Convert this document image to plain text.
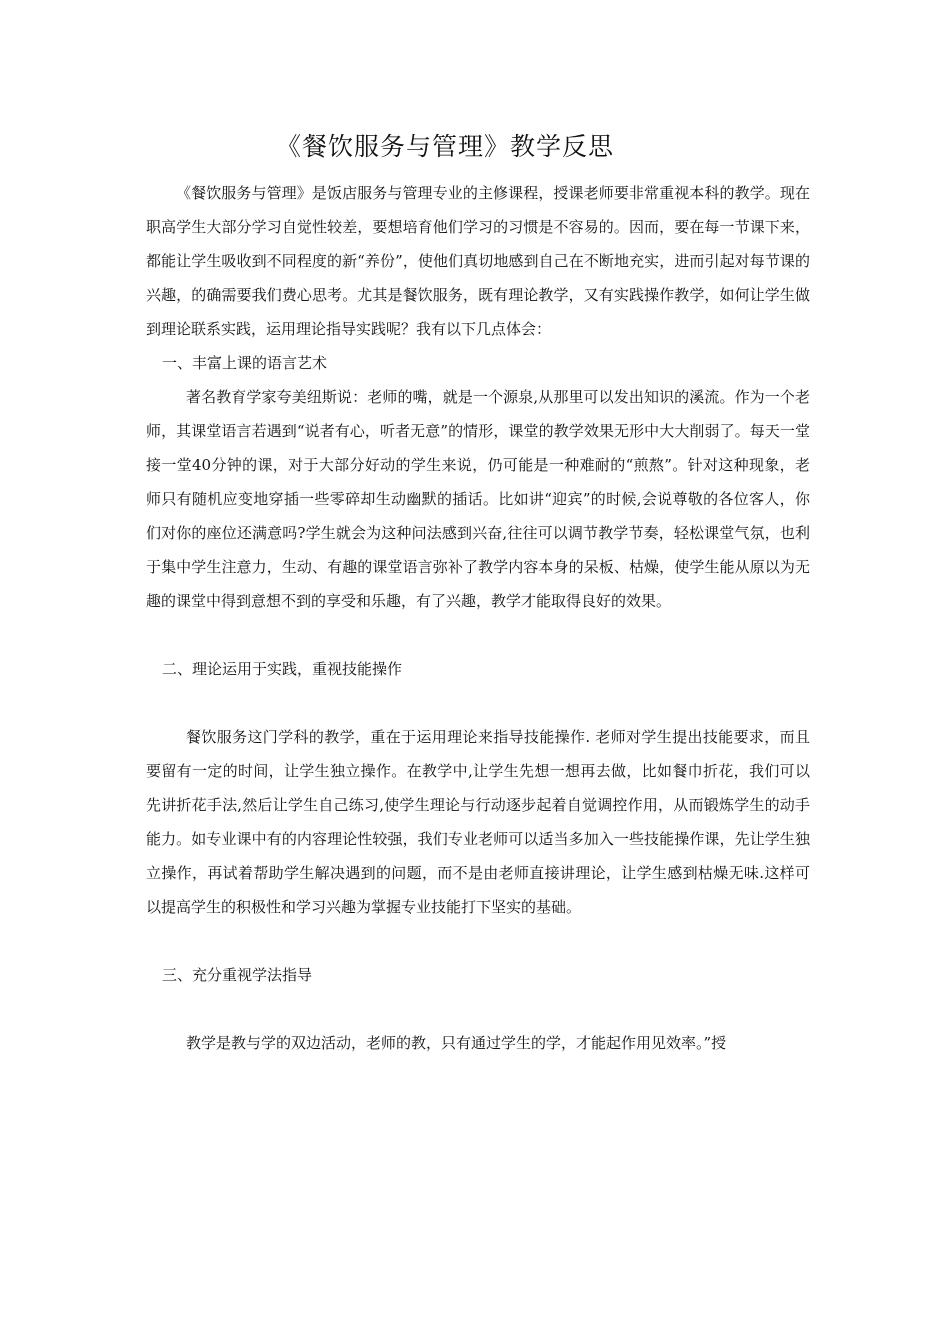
《餐饮服务与管理》教学反思

《餐饮服务与管理》是饭店服务与管理专业的主修课程，授课老师要非常重视本科的教学。现在职高学生大部分学习自觉性较差，要想培育他们学习的习惯是不容易的。因而，要在每一节课下来，都能让学生吸收到不同程度的新“养份”，使他们真切地感到自己在不断地充实，进而引起对每节课的兴趣，的确需要我们费心思考。尤其是餐饮服务，既有理论教学，又有实践操作教学，如何让学生做 到理论联系实践，运用理论指导实践呢？我有以下几点体会：

一、丰富上课的语言艺术

著名教育学家夸美纽斯说：老师的嘴，就是一个源泉,从那里可以发出知识的溪流。作为一个老师，其课堂语言若遇到“说者有心，听者无意”的情形，课堂的教学效果无形中大大削弱了。每天一堂接一堂40分钟的课，对于大部分好动的学生来说，仍可能是一种难耐的“煎熬”。针对这种现象，老师只有随机应变地穿插一些零碎却生动幽默的插话。比如讲“迎宾”的时候,会说尊敬的各位客人，你们对你的座位还满意吗?学生就会为这种问法感到兴奋,往往可以调节教学节奏，轻松课堂气氛，也利于集中学生注意力，生动、有趣的课堂语言弥补了教学内容本身的呆板、枯燥，使学生能从原以为无趣的课堂中得到意想不到的享受和乐趣，有了兴趣，教学才能取得良好的效果。

二、理论运用于实践，重视技能操作

餐饮服务这门学科的教学，重在于运用理论来指导技能操作. 老师对学生提出技能要求，而且要留有一定的时间，让学生独立操作。在教学中,让学生先想一想再去做，比如餐巾折花，我们可以先讲折花手法,然后让学生自己练习,使学生理论与行动逐步起着自觉调控作用，从而锻炼学生的动手能力。如专业课中有的内容理论性较强，我们专业老师可以适当多加入一些技能操作课，先让学生独立操作，再试着帮助学生解决遇到的问题，而不是由老师直接讲理论，让学生感到枯燥无味.这样可以提高学生的积极性和学习兴趣为掌握专业技能打下坚实的基础。

三、充分重视学法指导

教学是教与学的双边活动，老师的教，只有通过学生的学，才能起作用见效率。”授
